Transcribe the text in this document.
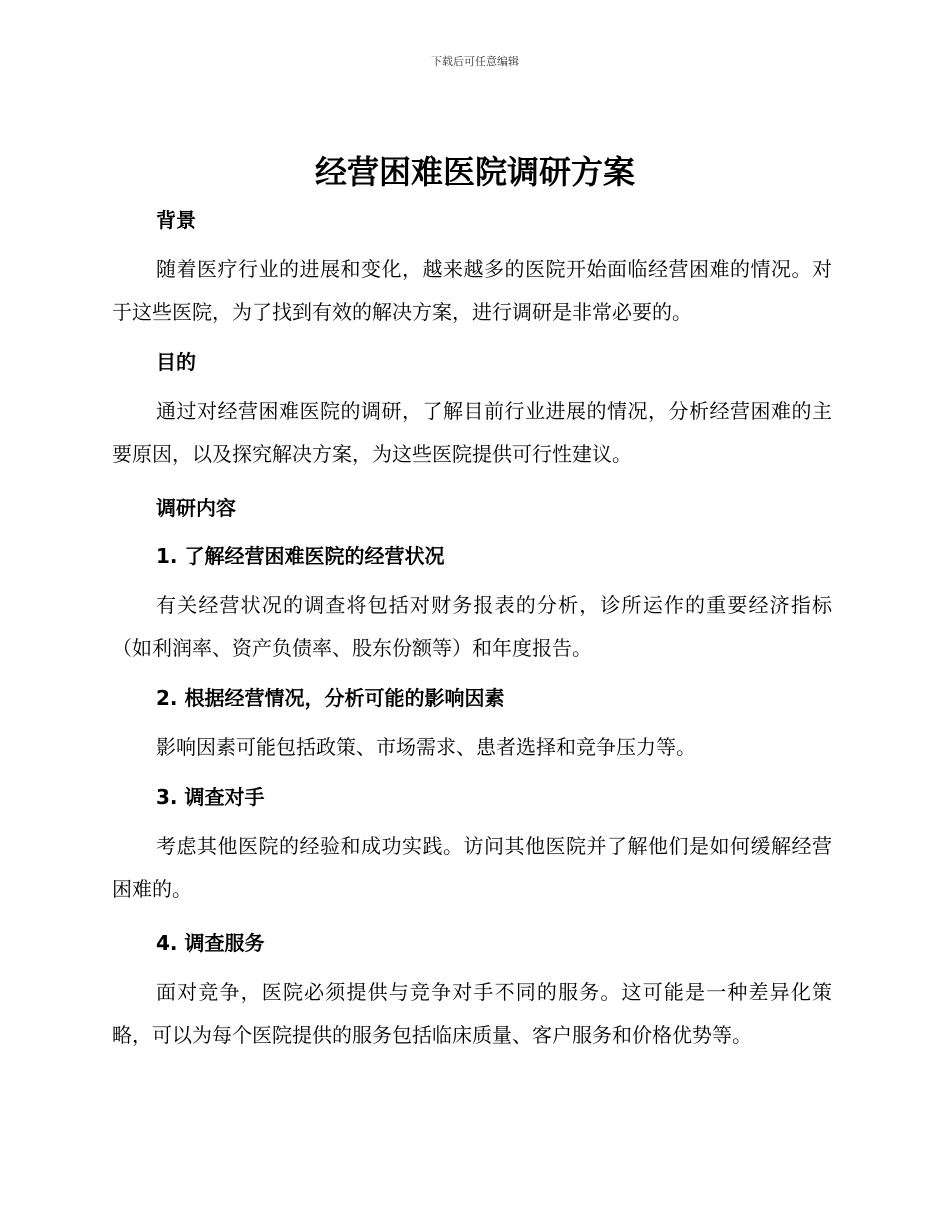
下载后可任意编辑
经营困难医院调研方案
背景

随着医疗行业的进展和变化，越来越多的医院开始面临经营困难的情况。对于这些医院，为了找到有效的解决方案，进行调研是非常必要的。

目的

通过对经营困难医院的调研，了解目前行业进展的情况，分析经营困难的主要原因，以及探究解决方案，为这些医院提供可行性建议。

调研内容
1. 了解经营困难医院的经营状况

有关经营状况的调查将包括对财务报表的分析，诊所运作的重要经济指标（如利润率、资产负债率、股东份额等）和年度报告。

2. 根据经营情况，分析可能的影响因素

影响因素可能包括政策、市场需求、患者选择和竞争压力等。

3. 调查对手

考虑其他医院的经验和成功实践。访问其他医院并了解他们是如何缓解经营困难的。

4. 调查服务

面对竞争，医院必须提供与竞争对手不同的服务。这可能是一种差异化策略，可以为每个医院提供的服务包括临床质量、客户服务和价格优势等。
